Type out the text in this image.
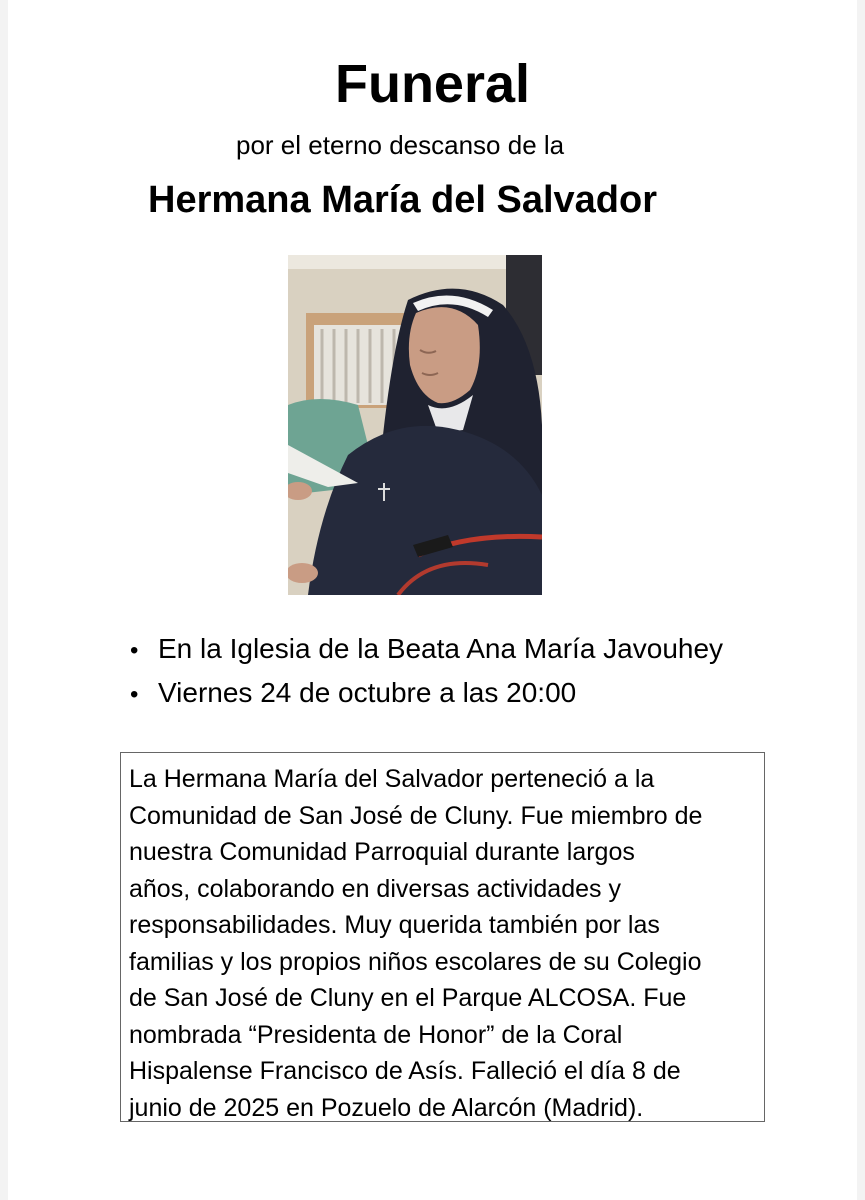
Funeral

por el eterno descanso de la

Hermana María del Salvador
• En la Iglesia de la Beata Ana María Javouhey
• Viernes 24 de octubre a las 20:00
La Hermana María del Salvador perteneció a la
Comunidad de San José de Cluny. Fue miembro de
nuestra Comunidad Parroquial durante largos
años, colaborando en diversas actividades y
responsabilidades. Muy querida también por las
familias y los propios niños escolares de su Colegio
de San José de Cluny en el Parque ALCOSA. Fue
nombrada “Presidenta de Honor” de la Coral
Hispalense Francisco de Asís. Falleció el día 8 de
junio de 2025 en Pozuelo de Alarcón (Madrid).
